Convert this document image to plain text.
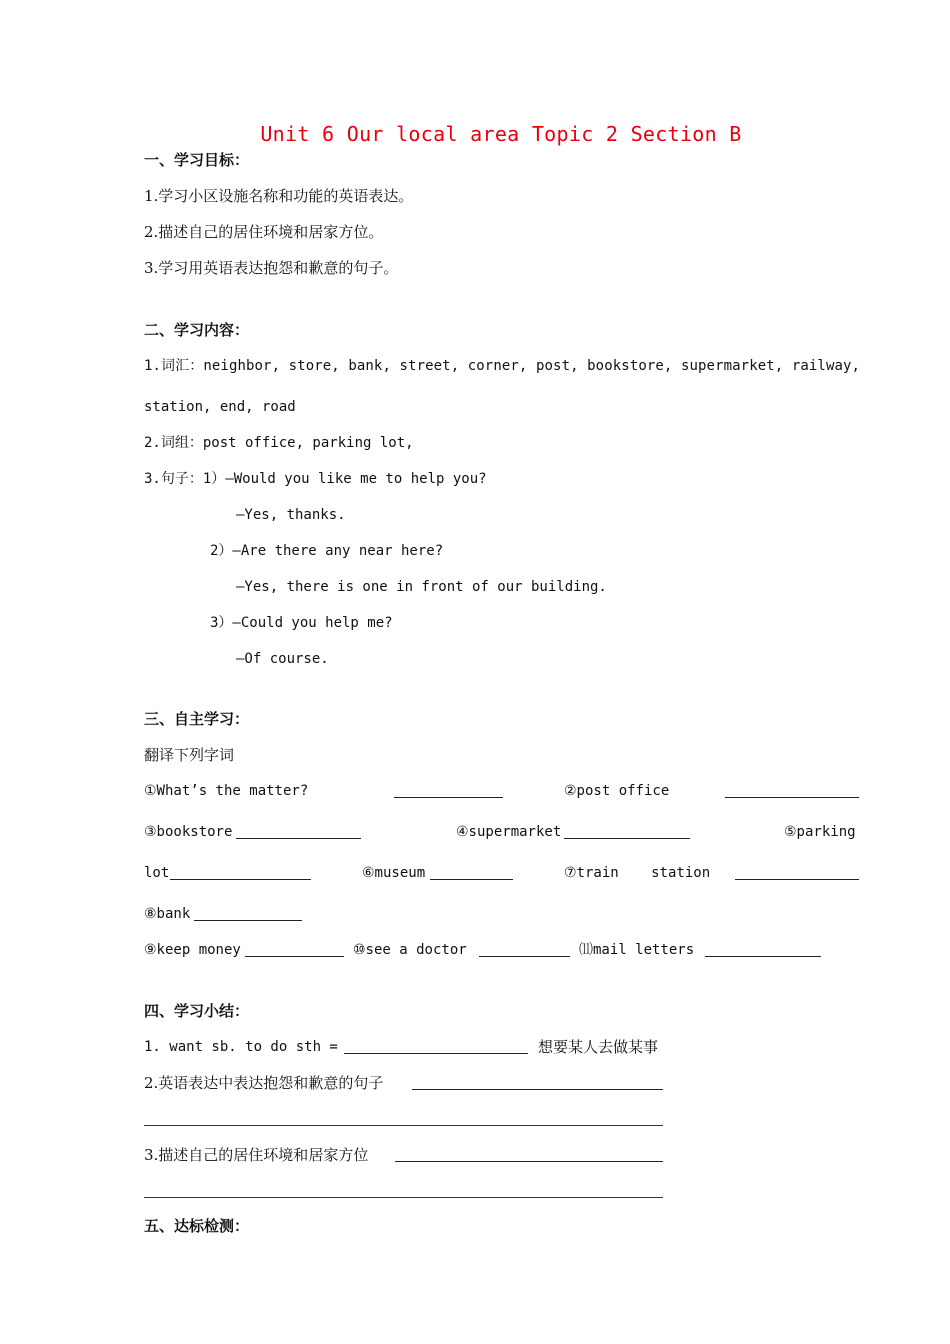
Unit 6 Our local area Topic 2 Section B
一、学习目标：
1.学习小区设施名称和功能的英语表达。
2.描述自己的居住环境和居家方位。
3.学习用英语表达抱怨和歉意的句子。
二、学习内容：
1.词汇：neighbor, store, bank, street, corner, post, bookstore, supermarket, railway,
station, end, road
2.词组：post office, parking lot,
3.句子：1）—Would you like me to help you?
—Yes, thanks.
2）—Are there any near here?
—Yes, there is one in front of our building.
3）—Could you help me?
—Of course.
三、自主学习：
翻译下列字词
①What’s the matter?	②post office
③bookstore	④supermarket	⑤parking
lot	⑥museum	⑦train station
⑧bank
⑨keep money	⑩see a doctor	⑾mail letters
四、学习小结：
1. want sb. to do sth =	想要某人去做某事
2.英语表达中表达抱怨和歉意的句子
3.描述自己的居住环境和居家方位
五、达标检测：
